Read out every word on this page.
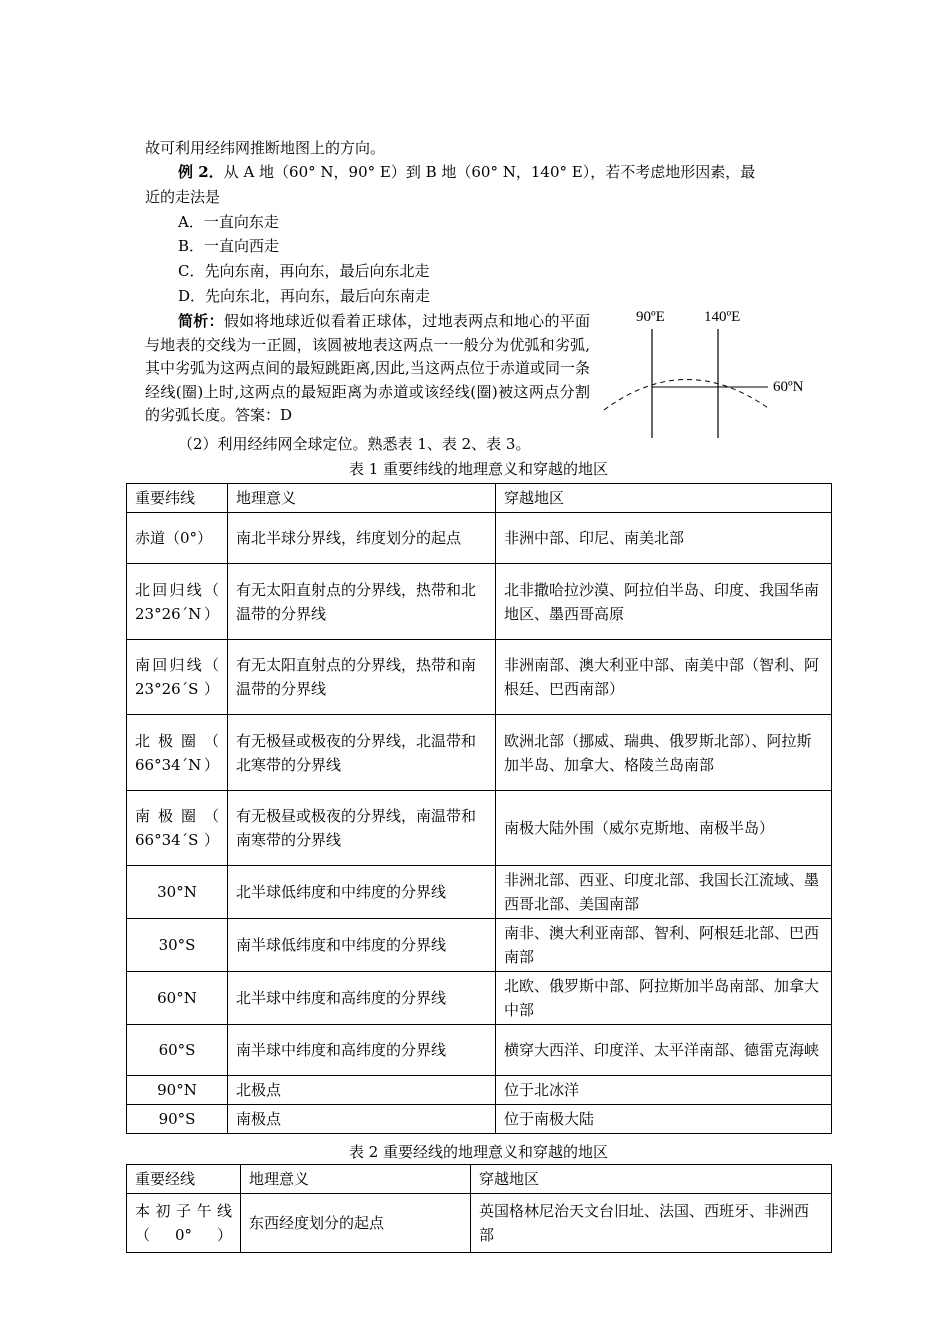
故可利用经纬网推断地图上的方向。
例 2．从 A 地（60° N，90° E）到 B 地（60° N，140° E），若不考虑地形因素，最
近的走法是
A．一直向东走
B．一直向西走
C．先向东南，再向东，最后向东北走
D．先向东北，再向东，最后向东南走
简析：假如将地球近似看着正球体，过地表两点和地心的平面与地表的交线为一正圆，该圆被地表这两点一一般分为优弧和劣弧,其中劣弧为这两点间的最短跳距离,因此,当这两点位于赤道或同一条经线(圈)上时,这两点的最短距离为赤道或该经线(圈)被这两点分割的劣弧长度。答案：D
90ºE	140ºE
60ºN
（2）利用经纬网全球定位。熟悉表 1、表 2、表 3。
表 1 重要纬线的地理意义和穿越的地区
重要纬线	地理意义	穿越地区
赤道（0°）	南北半球分界线，纬度划分的起点	非洲中部、印尼、南美北部
北回归线（ 23°26´N）	有无太阳直射点的分界线，热带和北温带的分界线	北非撒哈拉沙漠、阿拉伯半岛、印度、我国华南地区、墨西哥高原
南回归线（ 23°26´S）	有无太阳直射点的分界线，热带和南温带的分界线	非洲南部、澳大利亚中部、南美中部（智利、阿根廷、巴西南部）
北极圈（ 66°34´N）	有无极昼或极夜的分界线，北温带和北寒带的分界线	欧洲北部（挪威、瑞典、俄罗斯北部）、阿拉斯加半岛、加拿大、格陵兰岛南部
南极圈（ 66°34´S）	有无极昼或极夜的分界线，南温带和南寒带的分界线	南极大陆外围（威尔克斯地、南极半岛）
30°N	北半球低纬度和中纬度的分界线	非洲北部、西亚、印度北部、我国长江流域、墨西哥北部、美国南部
30°S	南半球低纬度和中纬度的分界线	南非、澳大利亚南部、智利、阿根廷北部、巴西南部
60°N	北半球中纬度和高纬度的分界线	北欧、俄罗斯中部、阿拉斯加半岛南部、加拿大中部
60°S	南半球中纬度和高纬度的分界线	横穿大西洋、印度洋、太平洋南部、德雷克海峡
90°N	北极点	位于北冰洋
90°S	南极点	位于南极大陆
表 2 重要经线的地理意义和穿越的地区
重要经线	地理意义	穿越地区
本初子午线（0°）	东西经度划分的起点	英国格林尼治天文台旧址、法国、西班牙、非洲西部
